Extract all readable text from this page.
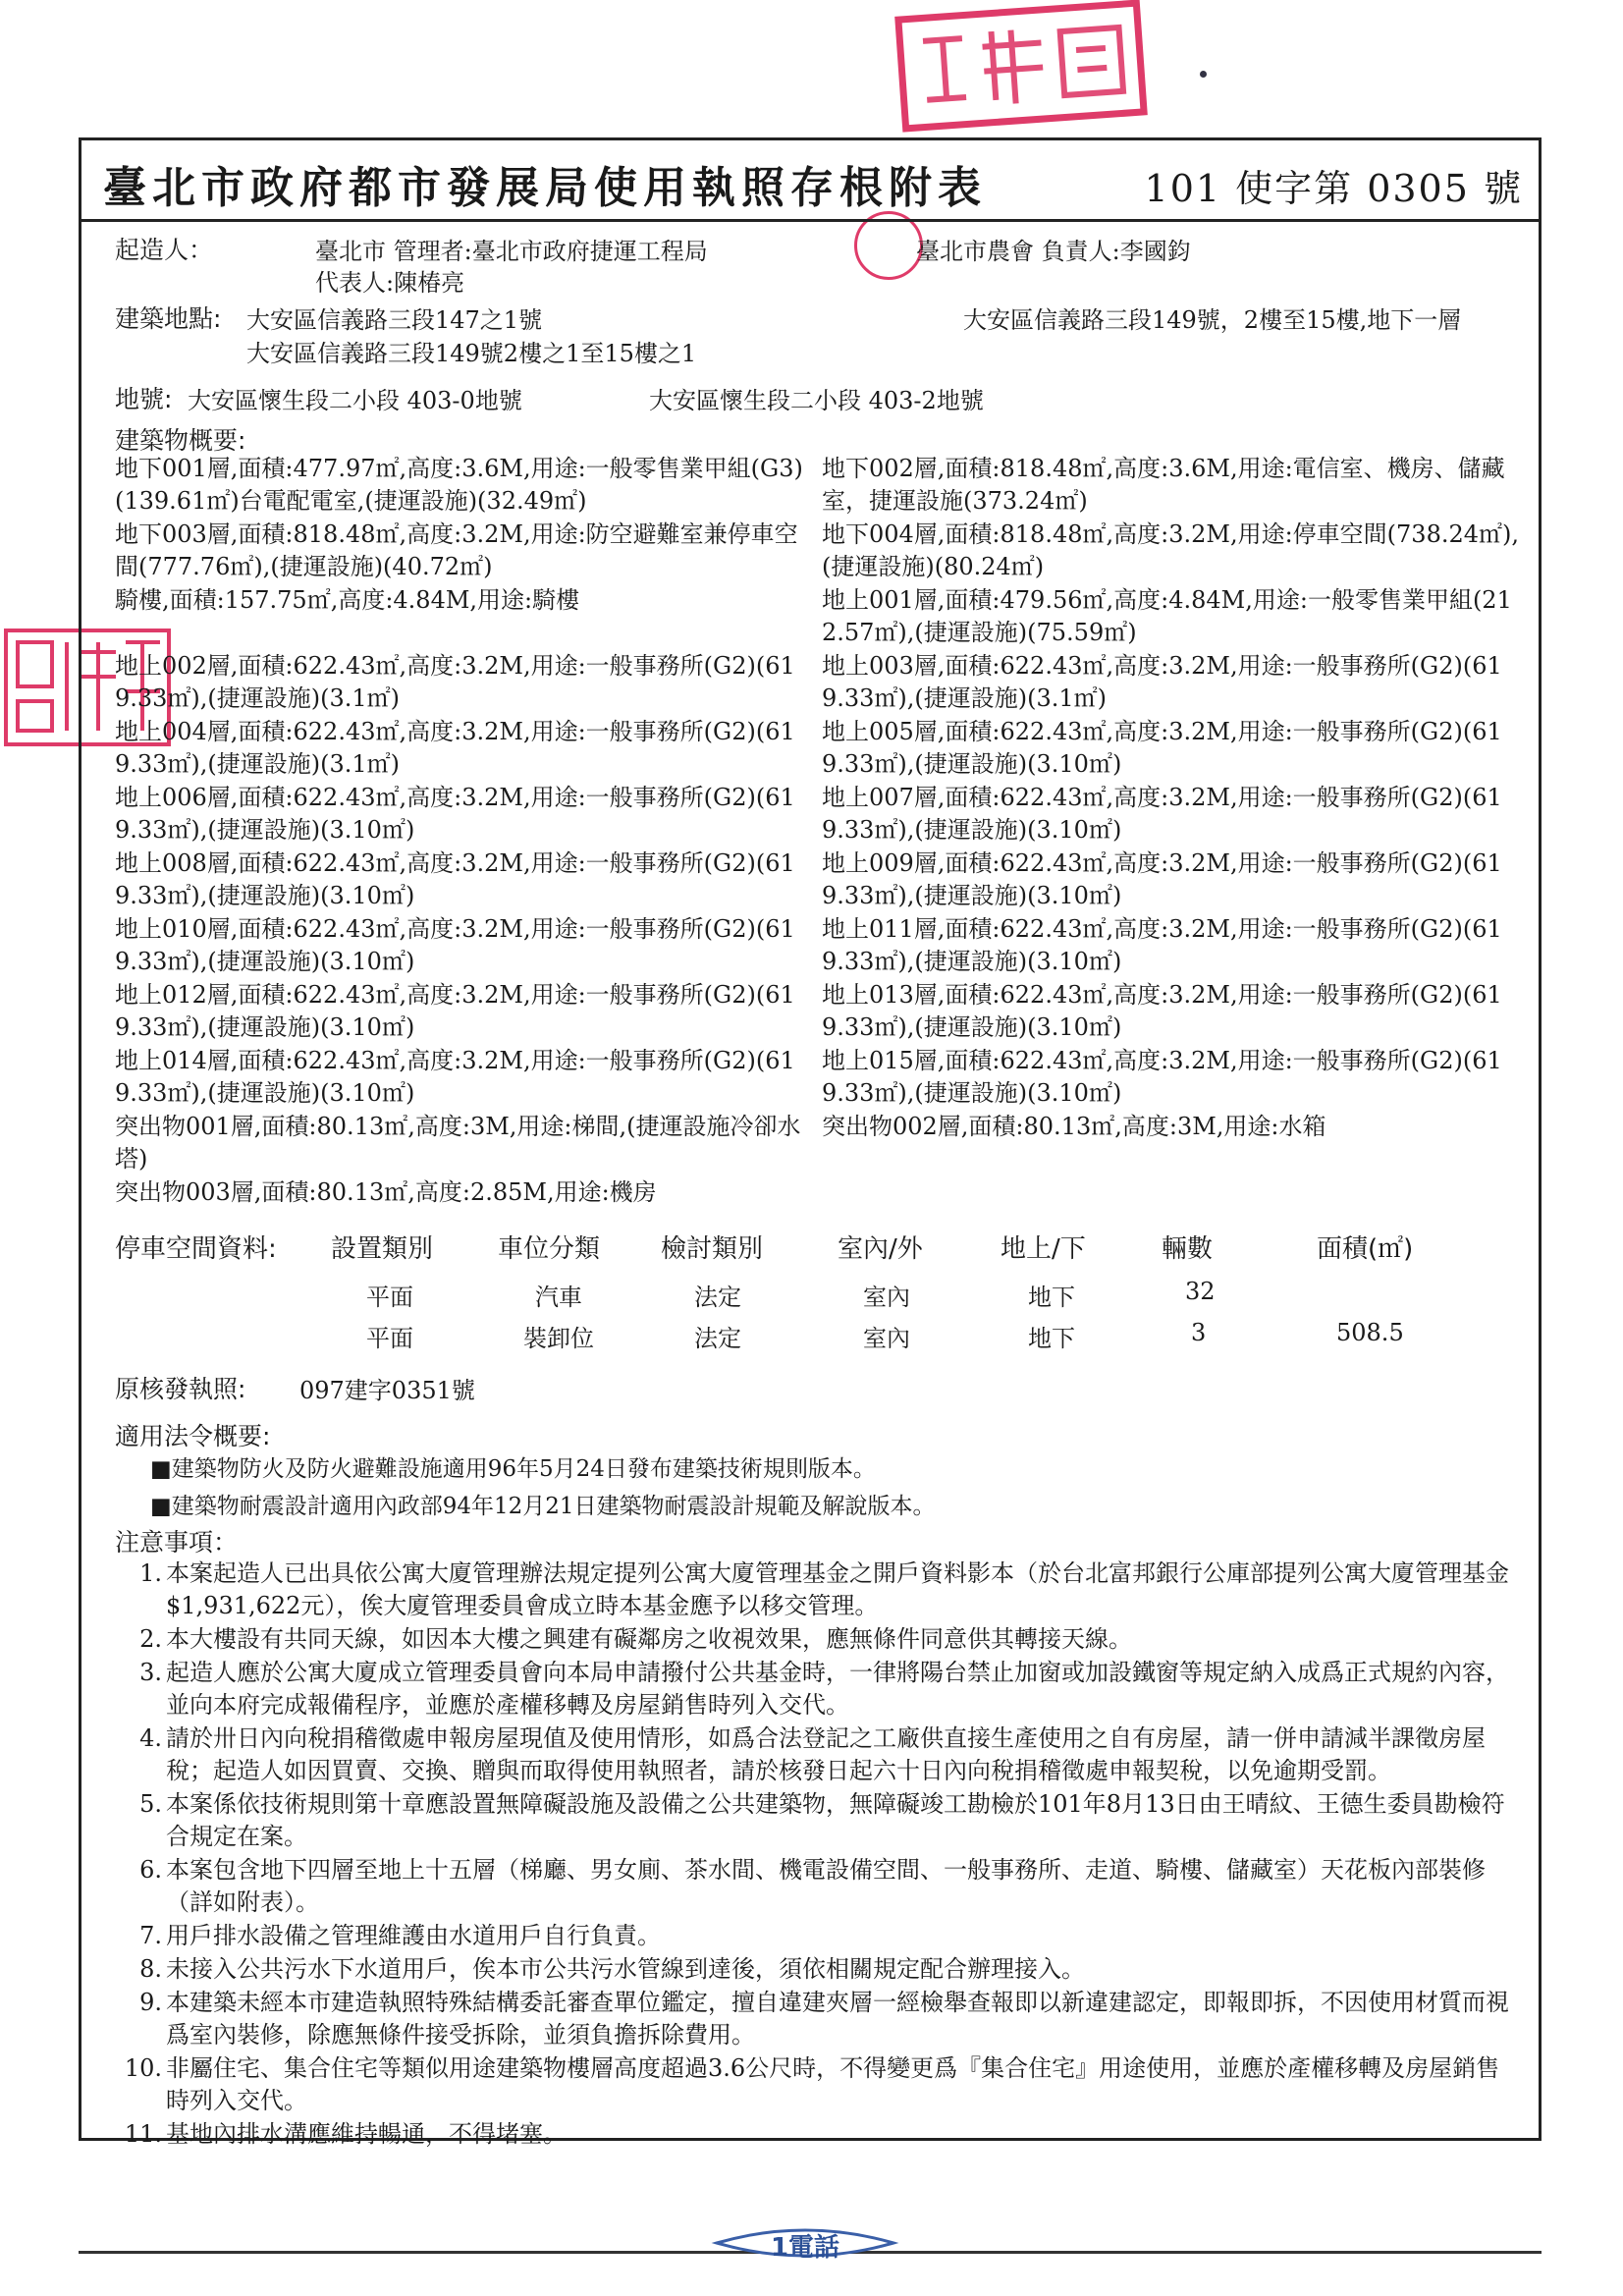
臺北市政府都市發展局使用執照存根附表	101 使字第 0305 號
起造人：	臺北市 管理者:臺北市政府捷運工程局
代表人:陳椿亮
臺北市農會 負責人:李國鈞
建築地點: 大安區信義路三段147之1號	大安區信義路三段149號，2樓至15樓,地下一層
大安區信義路三段149號2樓之1至15樓之1
地號: 大安區懷生段二小段 403-0地號	大安區懷生段二小段 403-2地號
建築物概要:
地下001層,面積:477.97㎡,高度:3.6M,用途:一般零售業甲組(G3)(139.61㎡)台電配電室,(捷運設施)(32.49㎡)
地下002層,面積:818.48㎡,高度:3.6M,用途:電信室、機房、儲藏室，捷運設施(373.24㎡)
地下003層,面積:818.48㎡,高度:3.2M,用途:防空避難室兼停車空間(777.76㎡),(捷運設施)(40.72㎡)
地下004層,面積:818.48㎡,高度:3.2M,用途:停車空間(738.24㎡),(捷運設施)(80.24㎡)
騎樓,面積:157.75㎡,高度:4.84M,用途:騎樓	地上001層,面積:479.56㎡,高度:4.84M,用途:一般零售業甲組(212.57㎡),(捷運設施)(75.59㎡)
地上002層,面積:622.43㎡,高度:3.2M,用途:一般事務所(G2)(619.33㎡),(捷運設施)(3.1㎡)
地上003層,面積:622.43㎡,高度:3.2M,用途:一般事務所(G2)(619.33㎡),(捷運設施)(3.1㎡)
地上004層,面積:622.43㎡,高度:3.2M,用途:一般事務所(G2)(619.33㎡),(捷運設施)(3.1㎡)
地上005層,面積:622.43㎡,高度:3.2M,用途:一般事務所(G2)(619.33㎡),(捷運設施)(3.10㎡)
地上006層,面積:622.43㎡,高度:3.2M,用途:一般事務所(G2)(619.33㎡),(捷運設施)(3.10㎡)
地上007層,面積:622.43㎡,高度:3.2M,用途:一般事務所(G2)(619.33㎡),(捷運設施)(3.10㎡)
地上008層,面積:622.43㎡,高度:3.2M,用途:一般事務所(G2)(619.33㎡),(捷運設施)(3.10㎡)
地上009層,面積:622.43㎡,高度:3.2M,用途:一般事務所(G2)(619.33㎡),(捷運設施)(3.10㎡)
地上010層,面積:622.43㎡,高度:3.2M,用途:一般事務所(G2)(619.33㎡),(捷運設施)(3.10㎡)
地上011層,面積:622.43㎡,高度:3.2M,用途:一般事務所(G2)(619.33㎡),(捷運設施)(3.10㎡)
地上012層,面積:622.43㎡,高度:3.2M,用途:一般事務所(G2)(619.33㎡),(捷運設施)(3.10㎡)
地上013層,面積:622.43㎡,高度:3.2M,用途:一般事務所(G2)(619.33㎡),(捷運設施)(3.10㎡)
地上014層,面積:622.43㎡,高度:3.2M,用途:一般事務所(G2)(619.33㎡),(捷運設施)(3.10㎡)
地上015層,面積:622.43㎡,高度:3.2M,用途:一般事務所(G2)(619.33㎡),(捷運設施)(3.10㎡)
突出物001層,面積:80.13㎡,高度:3M,用途:梯間,(捷運設施冷卻水塔)
突出物002層,面積:80.13㎡,高度:3M,用途:水箱
突出物003層,面積:80.13㎡,高度:2.85M,用途:機房
停車空間資料: 設置類別	車位分類 檢討類別	室內/外	地上/下	輛數	面積(㎡)
平面	汽車	法定	室內	地下	32
平面	裝卸位	法定	室內	地下	3	508.5
原核發執照: 097建字0351號
適用法令概要:
■建築物防火及防火避難設施適用96年5月24日發布建築技術規則版本。
■建築物耐震設計適用內政部94年12月21日建築物耐震設計規範及解說版本。
注意事項：
1. 本案起造人已出具依公寓大廈管理辦法規定提列公寓大廈管理基金之開戶資料影本（於台北富邦銀行公庫部提列公寓大廈管理基金$1,931,622元），俟大廈管理委員會成立時本基金應予以移交管理。
2. 本大樓設有共同天線，如因本大樓之興建有礙鄰房之收視效果，應無條件同意供其轉接天線。
3. 起造人應於公寓大廈成立管理委員會向本局申請撥付公共基金時，一律將陽台禁止加窗或加設鐵窗等規定納入成爲正式規約內容，並向本府完成報備程序，並應於產權移轉及房屋銷售時列入交代。
4. 請於卅日內向稅捐稽徵處申報房屋現值及使用情形，如爲合法登記之工廠供直接生產使用之自有房屋，請一併申請減半課徵房屋稅；起造人如因買賣、交換、贈與而取得使用執照者，請於核發日起六十日內向稅捐稽徵處申報契稅，以免逾期受罰。
5. 本案係依技術規則第十章應設置無障礙設施及設備之公共建築物，無障礙竣工勘檢於101年8月13日由王晴紋、王德生委員勘檢符合規定在案。
6. 本案包含地下四層至地上十五層（梯廳、男女廁、茶水間、機電設備空間、一般事務所、走道、騎樓、儲藏室）天花板內部裝修（詳如附表）。
7. 用戶排水設備之管理維護由水道用戶自行負責。
8. 未接入公共污水下水道用戶，俟本市公共污水管線到達後，須依相關規定配合辦理接入。
9. 本建築未經本市建造執照特殊結構委託審查單位鑑定，擅自違建夾層一經檢舉查報即以新違建認定，即報即拆，不因使用材質而視爲室內裝修，除應無條件接受拆除，並須負擔拆除費用。
10. 非屬住宅、集合住宅等類似用途建築物樓層高度超過3.6公尺時，不得變更爲『集合住宅』用途使用，並應於產權移轉及房屋銷售時列入交代。
11. 基地內排水溝應維持暢通，不得堵塞。
1電話
